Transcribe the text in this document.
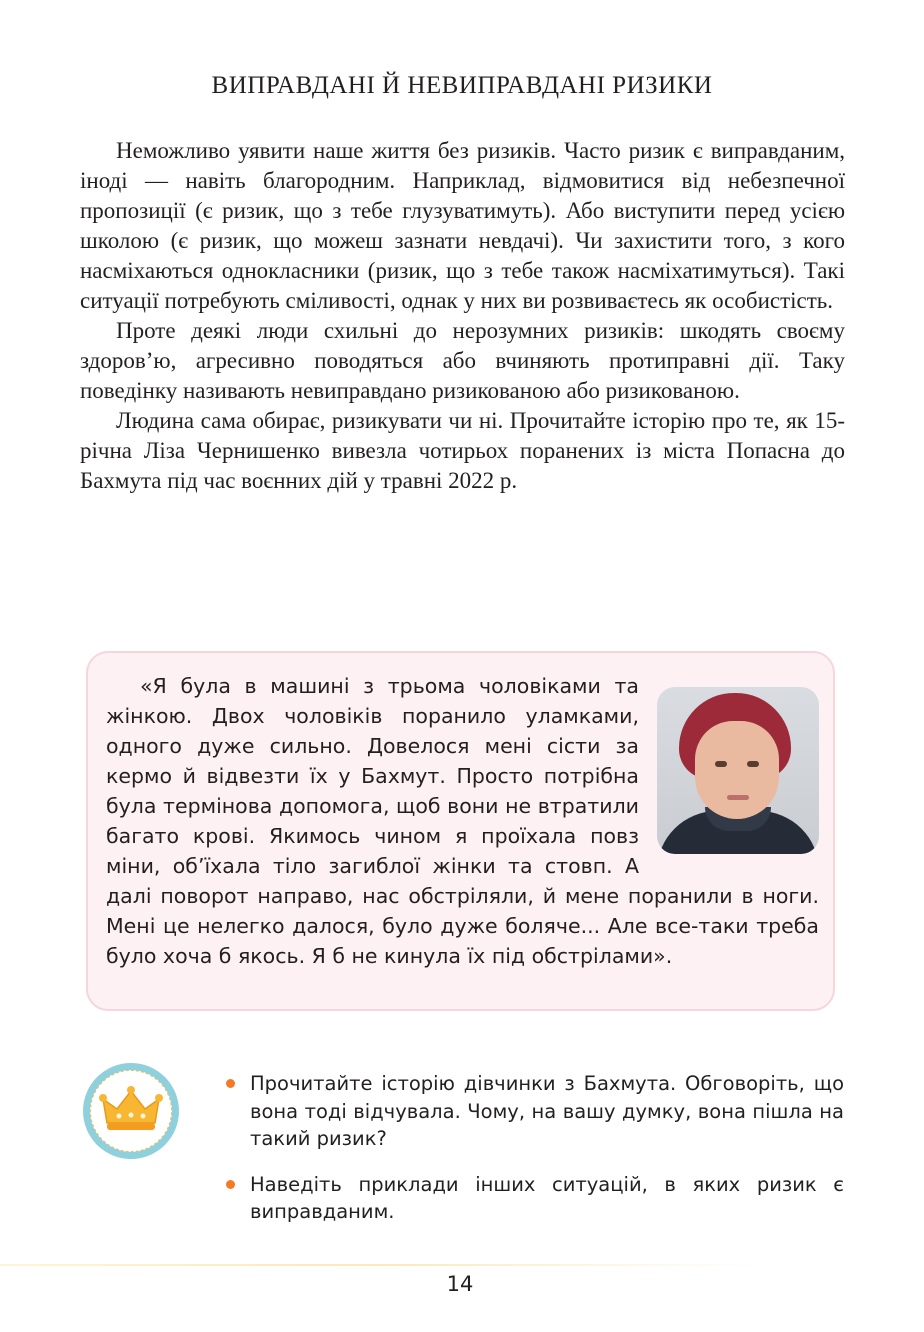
ВИПРАВДАНІ Й НЕВИПРАВДАНІ РИЗИКИ

Неможливо уявити наше життя без ризиків. Часто ризик є виправданим, іноді — навіть благородним. Наприклад, відмовитися від небезпечної пропозиції (є ризик, що з тебе глузуватимуть). Або виступити перед усією школою (є ризик, що можеш зазнати невдачі). Чи захистити того, з кого насміхаються однокласники (ризик, що з тебе також насміхатимуться). Такі ситуації потребують сміливості, однак у них ви розвиваєтесь як особистість.

Проте деякі люди схильні до нерозумних ризиків: шкодять своєму здоров’ю, агресивно поводяться або вчиняють протиправні дії. Таку поведінку називають невиправдано ризикованою або ризикованою.

Людина сама обирає, ризикувати чи ні. Прочитайте історію про те, як 15-річна Ліза Чернишенко вивезла чотирьох поранених із міста Попасна до Бахмута під час воєнних дій у травні 2022 р.

«Я була в машині з трьома чоловіками та жінкою. Двох чоловіків поранило уламками, одного дуже сильно. Довелося мені сісти за кермо й відвезти їх у Бахмут. Просто потрібна була термінова допомога, щоб вони не втратили багато крові. Якимось чином я проїхала повз міни, об’їхала тіло загиблої жінки та стовп. А далі поворот направо, нас обстріляли, й мене поранили в ноги. Мені це нелегко далося, було дуже боляче... Але все-таки треба було хоча б якось. Я б не кинула їх під обстрілами».

Прочитайте історію дівчинки з Бахмута. Обговоріть, що вона тоді відчувала. Чому, на вашу думку, вона пішла на такий ризик?
Наведіть приклади інших ситуацій, в яких ризик є виправданим.
14
